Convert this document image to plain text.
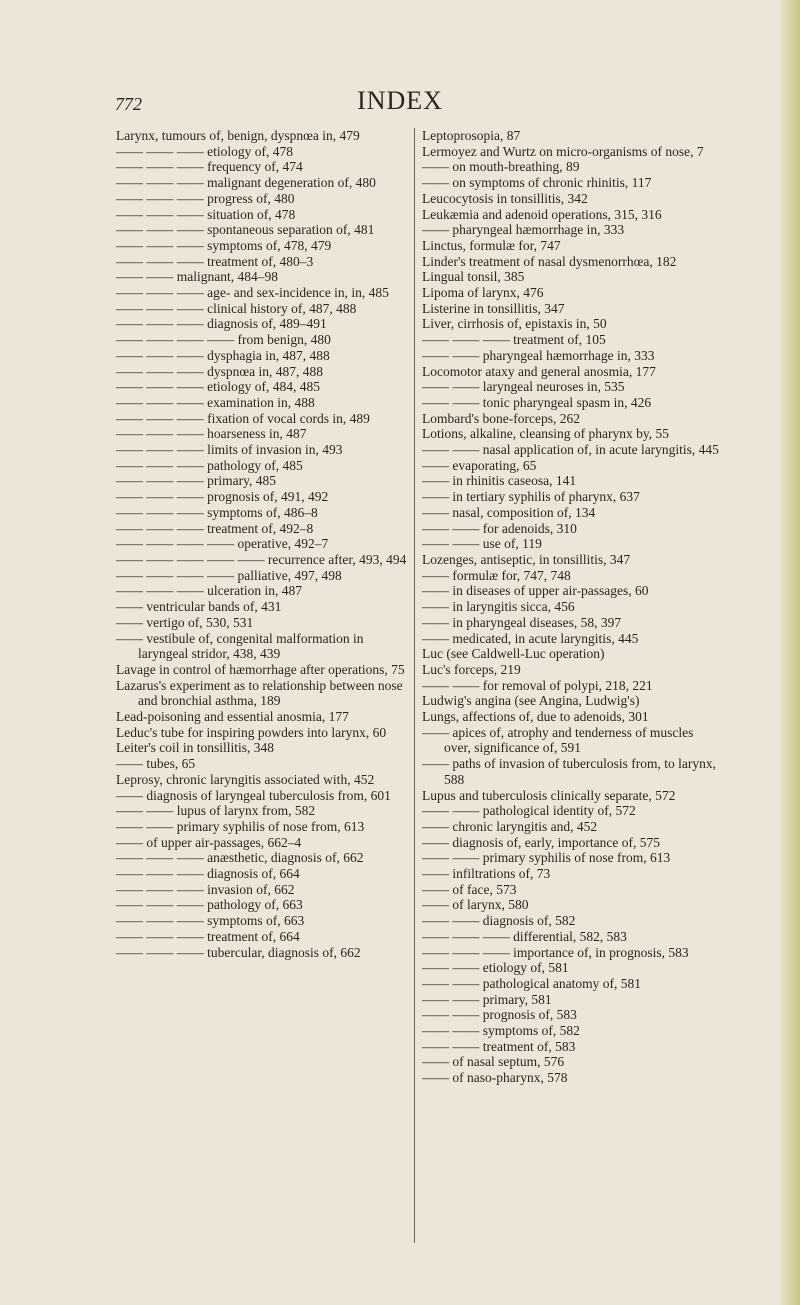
772	INDEX
Larynx, tumours of, benign, dyspnœa in, 479
—— —— —— etiology of, 478
—— —— —— frequency of, 474
—— —— —— malignant degeneration of, 480
—— —— —— progress of, 480
—— —— —— situation of, 478
—— —— —— spontaneous separation of, 481
—— —— —— symptoms of, 478, 479
—— —— —— treatment of, 480–3
—— —— malignant, 484–98
—— —— —— age- and sex-incidence in, in, 485
—— —— —— clinical history of, 487, 488
—— —— —— diagnosis of, 489–491
—— —— —— —— from benign, 480
—— —— —— dysphagia in, 487, 488
—— —— —— dyspnœa in, 487, 488
—— —— —— etiology of, 484, 485
—— —— —— examination in, 488
—— —— —— fixation of vocal cords in, 489
—— —— —— hoarseness in, 487
—— —— —— limits of invasion in, 493
—— —— —— pathology of, 485
—— —— —— primary, 485
—— —— —— prognosis of, 491, 492
—— —— —— symptoms of, 486–8
—— —— —— treatment of, 492–8
—— —— —— —— operative, 492–7
—— —— —— —— —— recurrence after, 493, 494
—— —— —— —— palliative, 497, 498
—— —— —— ulceration in, 487
—— ventricular bands of, 431
—— vertigo of, 530, 531
—— vestibule of, congenital malformation in laryngeal stridor, 438, 439
Lavage in control of hæmorrhage after operations, 75
Lazarus's experiment as to relationship between nose and bronchial asthma, 189
Lead-poisoning and essential anosmia, 177
Leduc's tube for inspiring powders into larynx, 60
Leiter's coil in tonsillitis, 348
—— tubes, 65
Leprosy, chronic laryngitis associated with, 452
—— diagnosis of laryngeal tuberculosis from, 601
—— —— lupus of larynx from, 582
—— —— primary syphilis of nose from, 613
—— of upper air-passages, 662–4
—— —— —— anæsthetic, diagnosis of, 662
—— —— —— diagnosis of, 664
—— —— —— invasion of, 662
—— —— —— pathology of, 663
—— —— —— symptoms of, 663
—— —— —— treatment of, 664
—— —— —— tubercular, diagnosis of, 662
Leptoprosopia, 87
Lermoyez and Wurtz on micro-organisms of nose, 7
—— on mouth-breathing, 89
—— on symptoms of chronic rhinitis, 117
Leucocytosis in tonsillitis, 342
Leukæmia and adenoid operations, 315, 316
—— pharyngeal hæmorrhage in, 333
Linctus, formulæ for, 747
Linder's treatment of nasal dysmenorrhœa, 182
Lingual tonsil, 385
Lipoma of larynx, 476
Listerine in tonsillitis, 347
Liver, cirrhosis of, epistaxis in, 50
—— —— —— treatment of, 105
—— —— pharyngeal hæmorrhage in, 333
Locomotor ataxy and general anosmia, 177
—— —— laryngeal neuroses in, 535
—— —— tonic pharyngeal spasm in, 426
Lombard's bone-forceps, 262
Lotions, alkaline, cleansing of pharynx by, 55
—— —— nasal application of, in acute laryngitis, 445
—— evaporating, 65
—— in rhinitis caseosa, 141
—— in tertiary syphilis of pharynx, 637
—— nasal, composition of, 134
—— —— for adenoids, 310
—— —— use of, 119
Lozenges, antiseptic, in tonsillitis, 347
—— formulæ for, 747, 748
—— in diseases of upper air-passages, 60
—— in laryngitis sicca, 456
—— in pharyngeal diseases, 58, 397
—— medicated, in acute laryngitis, 445
Luc (see Caldwell-Luc operation)
Luc's forceps, 219
—— —— for removal of polypi, 218, 221
Ludwig's angina (see Angina, Ludwig's)
Lungs, affections of, due to adenoids, 301
—— apices of, atrophy and tenderness of muscles over, significance of, 591
—— paths of invasion of tuberculosis from, to larynx, 588
Lupus and tuberculosis clinically separate, 572
—— —— pathological identity of, 572
—— chronic laryngitis and, 452
—— diagnosis of, early, importance of, 575
—— —— primary syphilis of nose from, 613
—— infiltrations of, 73
—— of face, 573
—— of larynx, 580
—— —— diagnosis of, 582
—— —— —— differential, 582, 583
—— —— —— importance of, in prognosis, 583
—— —— etiology of, 581
—— —— pathological anatomy of, 581
—— —— primary, 581
—— —— prognosis of, 583
—— —— symptoms of, 582
—— —— treatment of, 583
—— of nasal septum, 576
—— of naso-pharynx, 578
